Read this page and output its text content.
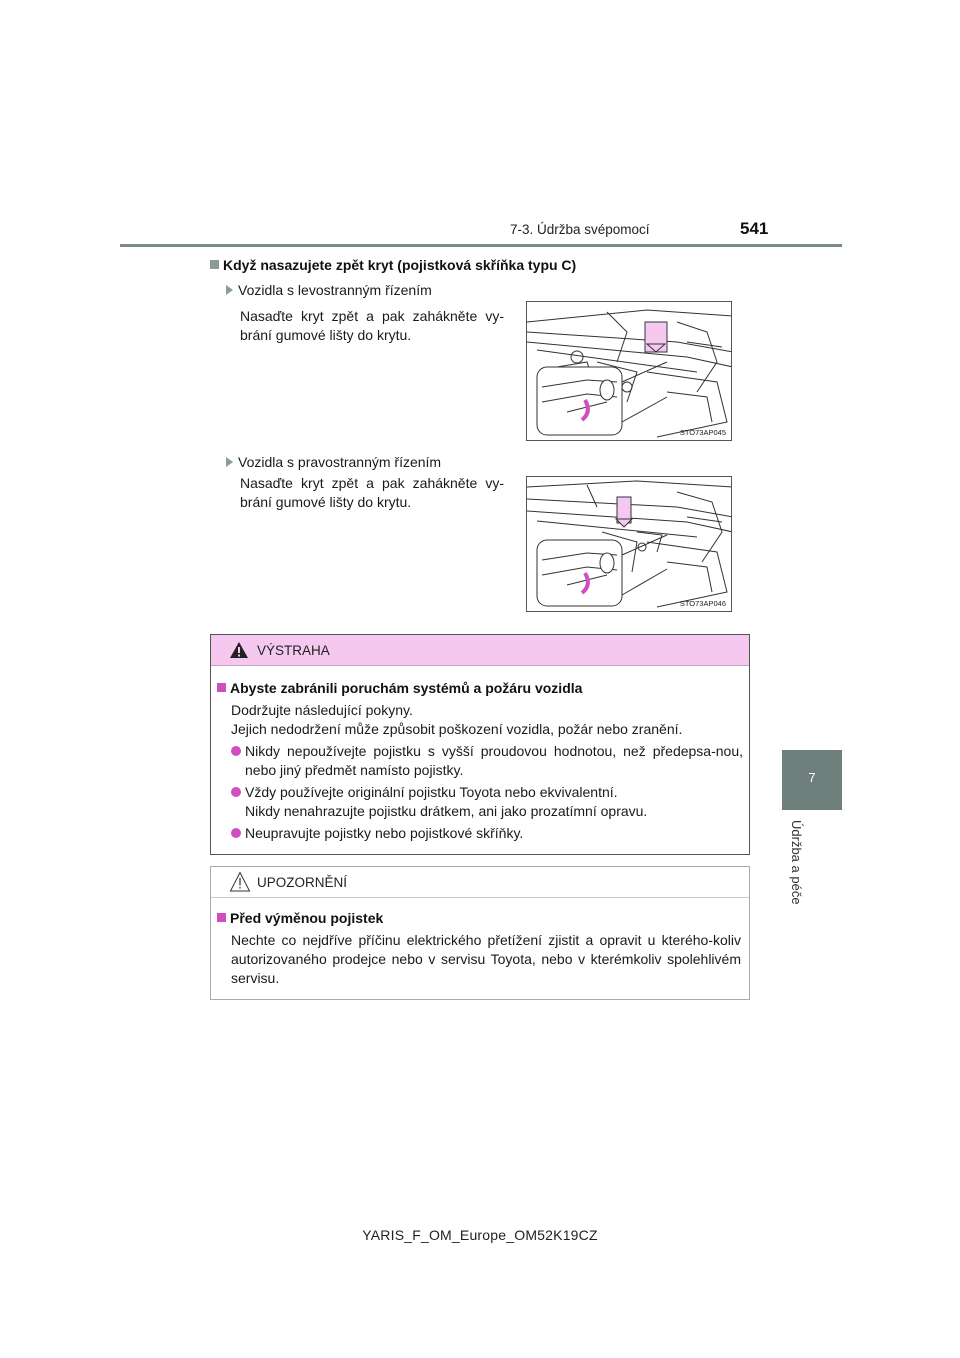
7-3. Údržba svépomocí	541
7
Údržba a péče
Když nasazujete zpět kryt (pojistková skříňka typu C)
Vozidla s levostranným řízením
Nasaďte kryt zpět a pak zahákněte vy-brání gumové lišty do krytu.
STO73AP045
Vozidla s pravostranným řízením
Nasaďte kryt zpět a pak zahákněte vy-brání gumové lišty do krytu.
STO73AP046
VÝSTRAHA
Abyste zabránili poruchám systémů a požáru vozidla
Dodržujte následující pokyny.
Jejich nedodržení může způsobit poškození vozidla, požár nebo zranění.
Nikdy nepoužívejte pojistku s vyšší proudovou hodnotou, než předepsa-nou, nebo jiný předmět namísto pojistky.
Vždy používejte originální pojistku Toyota nebo ekvivalentní.
Nikdy nenahrazujte pojistku drátkem, ani jako prozatímní opravu.
Neupravujte pojistky nebo pojistkové skříňky.
UPOZORNĚNÍ
Před výměnou pojistek
Nechte co nejdříve příčinu elektrického přetížení zjistit a opravit u kterého-koliv autorizovaného prodejce nebo v servisu Toyota, nebo v kterémkoliv spolehlivém servisu.
YARIS_F_OM_Europe_OM52K19CZ
